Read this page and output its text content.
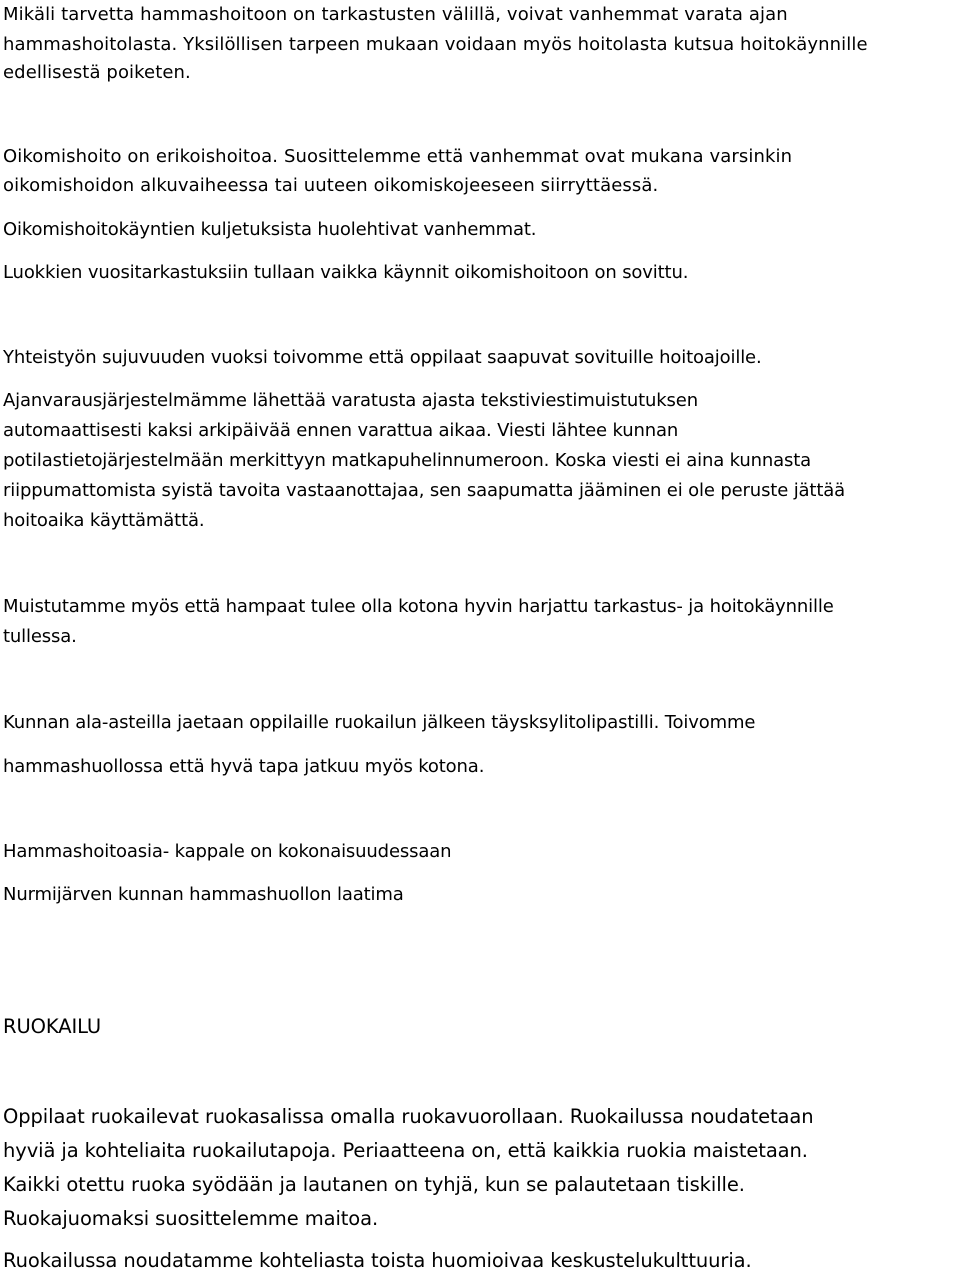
Mikäli tarvetta hammashoitoon on tarkastusten välillä, voivat vanhemmat varata ajan

hammashoitolasta. Yksilöllisen tarpeen mukaan voidaan myös hoitolasta kutsua hoitokäynnille

edellisestä poiketen.

Oikomishoito on erikoishoitoa. Suosittelemme että vanhemmat ovat mukana varsinkin

oikomishoidon alkuvaiheessa tai uuteen oikomiskojeeseen siirryttäessä.

Oikomishoitokäyntien kuljetuksista huolehtivat vanhemmat.

Luokkien vuositarkastuksiin tullaan vaikka käynnit oikomishoitoon on sovittu.

Yhteistyön sujuvuuden vuoksi toivomme että oppilaat saapuvat sovituille hoitoajoille.

Ajanvarausjärjestelmämme lähettää varatusta ajasta tekstiviestimuistutuksen

automaattisesti kaksi arkipäivää ennen varattua aikaa. Viesti lähtee kunnan

potilastietojärjestelmään merkittyyn matkapuhelinnumeroon. Koska viesti ei aina kunnasta

riippumattomista syistä tavoita vastaanottajaa, sen saapumatta jääminen ei ole peruste jättää

hoitoaika käyttämättä.

Muistutamme myös että hampaat tulee olla kotona hyvin harjattu tarkastus- ja hoitokäynnille

tullessa.

Kunnan ala-asteilla jaetaan oppilaille ruokailun jälkeen täysksylitolipastilli. Toivomme

hammashuollossa että hyvä tapa jatkuu myös kotona.

Hammashoitoasia- kappale on kokonaisuudessaan

Nurmijärven kunnan hammashuollon laatima

RUOKAILU

Oppilaat ruokailevat ruokasalissa omalla ruokavuorollaan. Ruokailussa noudatetaan

hyviä ja kohteliaita ruokailutapoja. Periaatteena on, että kaikkia ruokia maistetaan.

Kaikki otettu ruoka syödään ja lautanen on tyhjä, kun se palautetaan tiskille.

Ruokajuomaksi suosittelemme maitoa.

Ruokailussa noudatamme kohteliasta toista huomioivaa keskustelukulttuuria.
